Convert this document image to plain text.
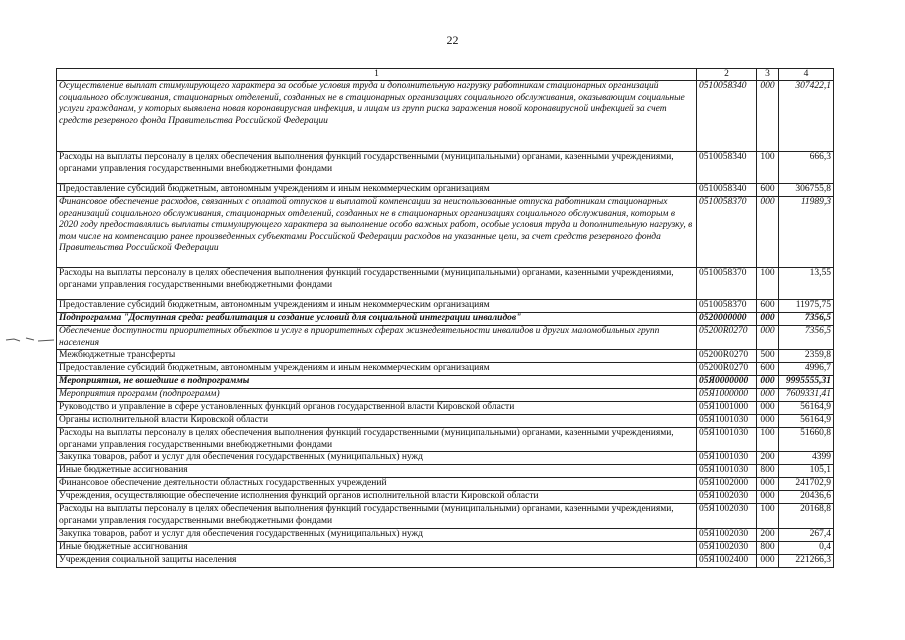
22
1	2	3	4
Осуществление выплат стимулирующего характера за особые условия труда и дополнительную нагрузку работникам стационарных организаций социального обслуживания, стационарных отделений, созданных не в стационарных организациях социального обслуживания, оказывающим социальные услуги гражданам, у которых выявлена новая коронавирусная инфекция, и лицам из групп риска заражения новой коронавирусной инфекцией за счет средств резервного фонда Правительства Российской Федерации	0510058340	000	307422,1
Расходы на выплаты персоналу в целях обеспечения выполнения функций государственными (муниципальными) органами, казенными учреждениями, органами управления государственными внебюджетными фондами	0510058340	100	666,3
Предоставление субсидий бюджетным, автономным учреждениям и иным некоммерческим организациям	0510058340	600	306755,8
Финансовое обеспечение расходов, связанных с оплатой отпусков и выплатой компенсации за неиспользованные отпуска работникам стационарных организаций социального обслуживания, стационарных отделений, созданных не в стационарных организациях социального обслуживания, которым в 2020 году предоставлялись выплаты стимулирующего характера за выполнение особо важных работ, особые условия труда и дополнительную нагрузку, в том числе на компенсацию ранее произведенных субъектами Российской Федерации расходов на указанные цели, за счет средств резервного фонда Правительства Российской Федерации	0510058370	000	11989,3
Расходы на выплаты персоналу в целях обеспечения выполнения функций государственными (муниципальными) органами, казенными учреждениями, органами управления государственными внебюджетными фондами	0510058370	100	13,55
Предоставление субсидий бюджетным, автономным учреждениям и иным некоммерческим организациям	0510058370	600	11975,75
Подпрограмма "Доступная среда: реабилитация и создание условий для социальной интеграции инвалидов"	0520000000	000	7356,5
Обеспечение доступности приоритетных объектов и услуг в приоритетных сферах жизнедеятельности инвалидов и других маломобильных групп населения	05200R0270	000	7356,5
Межбюджетные трансферты	05200R0270	500	2359,8
Предоставление субсидий бюджетным, автономным учреждениям и иным некоммерческим организациям	05200R0270	600	4996,7
Мероприятия, не вошедшие в подпрограммы	05Я0000000	000	9995555,31
Мероприятия программ (подпрограмм)	05Я1000000	000	7609331,41
Руководство и управление в сфере установленных функций органов государственной власти Кировской области	05Я1001000	000	56164,9
Органы исполнительной власти Кировской области	05Я1001030	000	56164,9
Расходы на выплаты персоналу в целях обеспечения выполнения функций государственными (муниципальными) органами, казенными учреждениями, органами управления государственными внебюджетными фондами	05Я1001030	100	51660,8
Закупка товаров, работ и услуг для обеспечения государственных (муниципальных) нужд	05Я1001030	200	4399
Иные бюджетные ассигнования	05Я1001030	800	105,1
Финансовое обеспечение деятельности областных государственных учреждений	05Я1002000	000	241702,9
Учреждения, осуществляющие обеспечение исполнения функций органов исполнительной власти Кировской области	05Я1002030	000	20436,6
Расходы на выплаты персоналу в целях обеспечения выполнения функций государственными (муниципальными) органами, казенными учреждениями, органами управления государственными внебюджетными фондами	05Я1002030	100	20168,8
Закупка товаров, работ и услуг для обеспечения государственных (муниципальных) нужд	05Я1002030	200	267,4
Иные бюджетные ассигнования	05Я1002030	800	0,4
Учреждения социальной защиты населения	05Я1002400	000	221266,3
